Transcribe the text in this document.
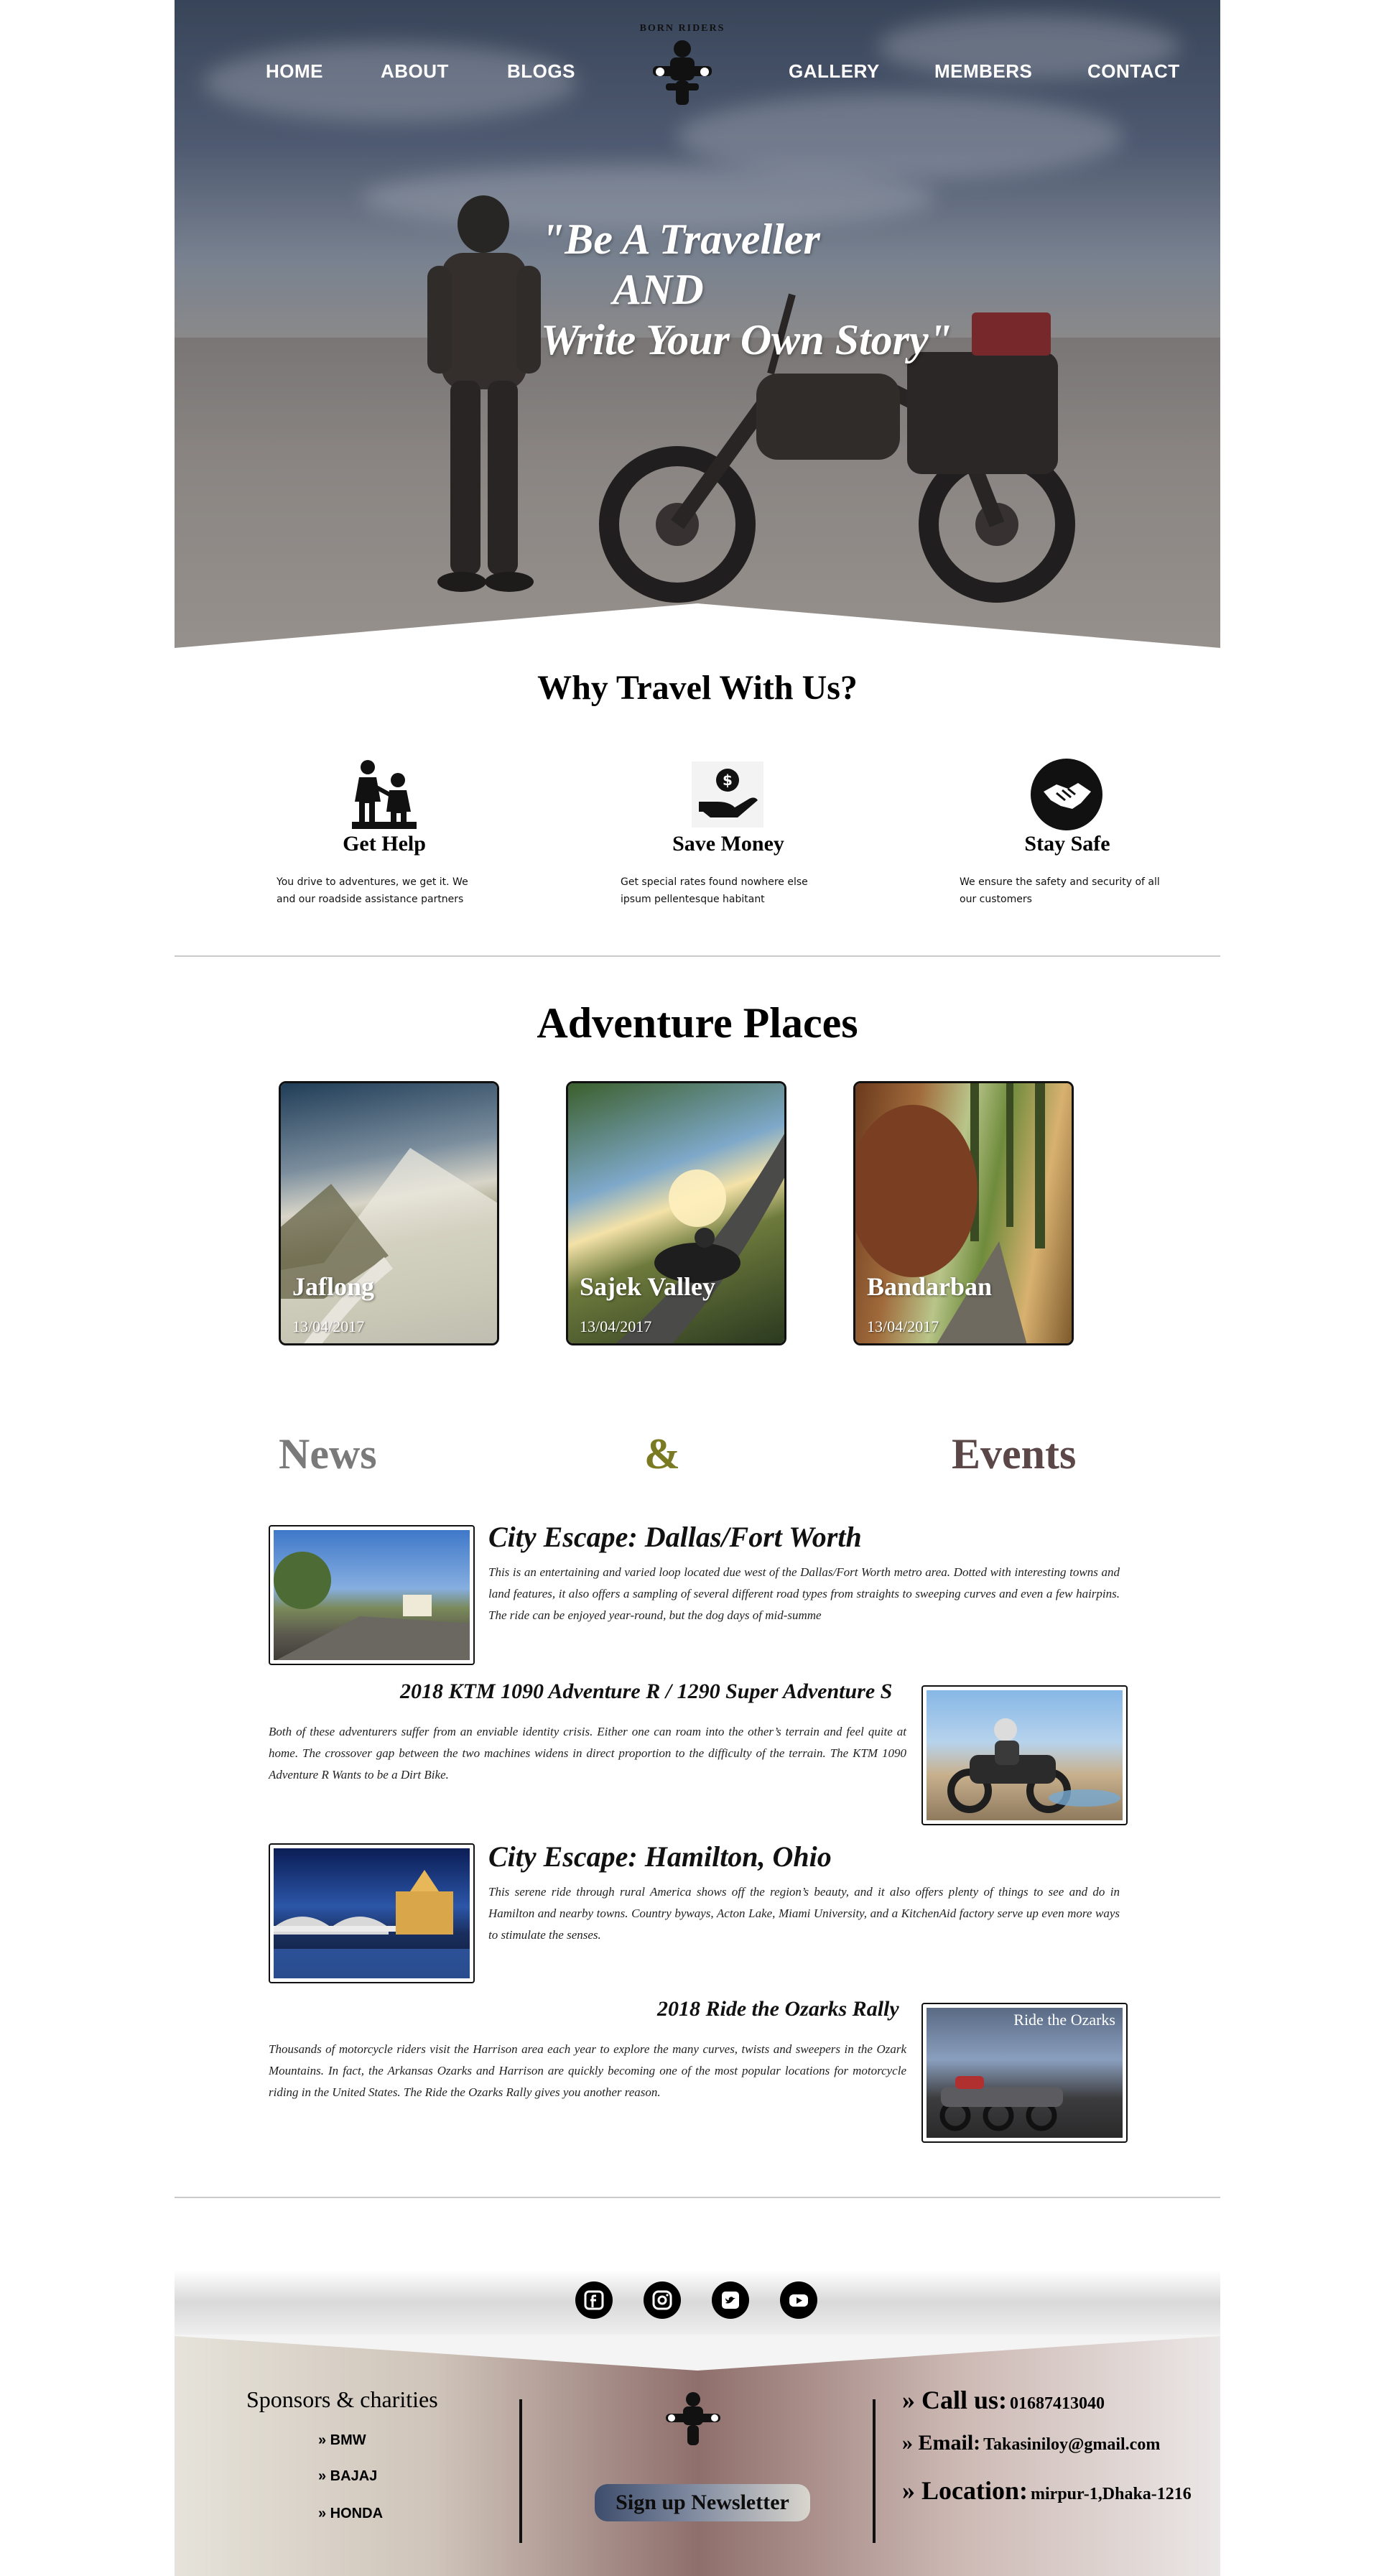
HOME	ABOUT	BLOGS	GALLERY	MEMBERS	CONTACT
BORN RIDERS
"Be A Traveller
AND
Write Your Own Story"
Why Travel With Us?
Get Help
You drive to adventures, we get it. We and our roadside assistance partners
$
Save Money
Get special rates found nowhere else ipsum pellentesque habitant
Stay Safe
We ensure the safety and security of all our customers
Adventure Places
Jaflong
13/04/2017
Sajek Valley
13/04/2017
Bandarban
13/04/2017
News	&	Events
City Escape: Dallas/Fort Worth
This is an entertaining and varied loop located due west of the Dallas/Fort Worth metro area. Dotted with interesting towns and land features, it also offers a sampling of several different road types from straights to sweeping curves and even a few hairpins. The ride can be enjoyed year-round, but the dog days of mid-summe
2018 KTM 1090 Adventure R / 1290 Super Adventure S
Both of these adventurers suffer from an enviable identity crisis. Either one can roam into the other’s terrain and feel quite at home. The crossover gap between the two machines widens in direct proportion to the difficulty of the terrain. The KTM 1090 Adventure R Wants to be a Dirt Bike.
City Escape: Hamilton, Ohio
This serene ride through rural America shows off the region’s beauty, and it also offers plenty of things to see and do in Hamilton and nearby towns. Country byways, Acton Lake, Miami University, and a KitchenAid factory serve up even more ways to stimulate the senses.
2018 Ride the Ozarks Rally
Thousands of motorcycle riders visit the Harrison area each year to explore the many curves, twists and sweepers in the Ozark Mountains. In fact, the Arkansas Ozarks and Harrison are quickly becoming one of the most popular locations for motorcycle riding in the United States. The Ride the Ozarks Rally gives you another reason.
Ride the Ozarks
Sponsors & charities
» BMW
» BAJAJ
» HONDA	Sign up Newsletter
» Call us: 01687413040
» Email: Takasiniloy@gmail.com
» Location: mirpur-1,Dhaka-1216
